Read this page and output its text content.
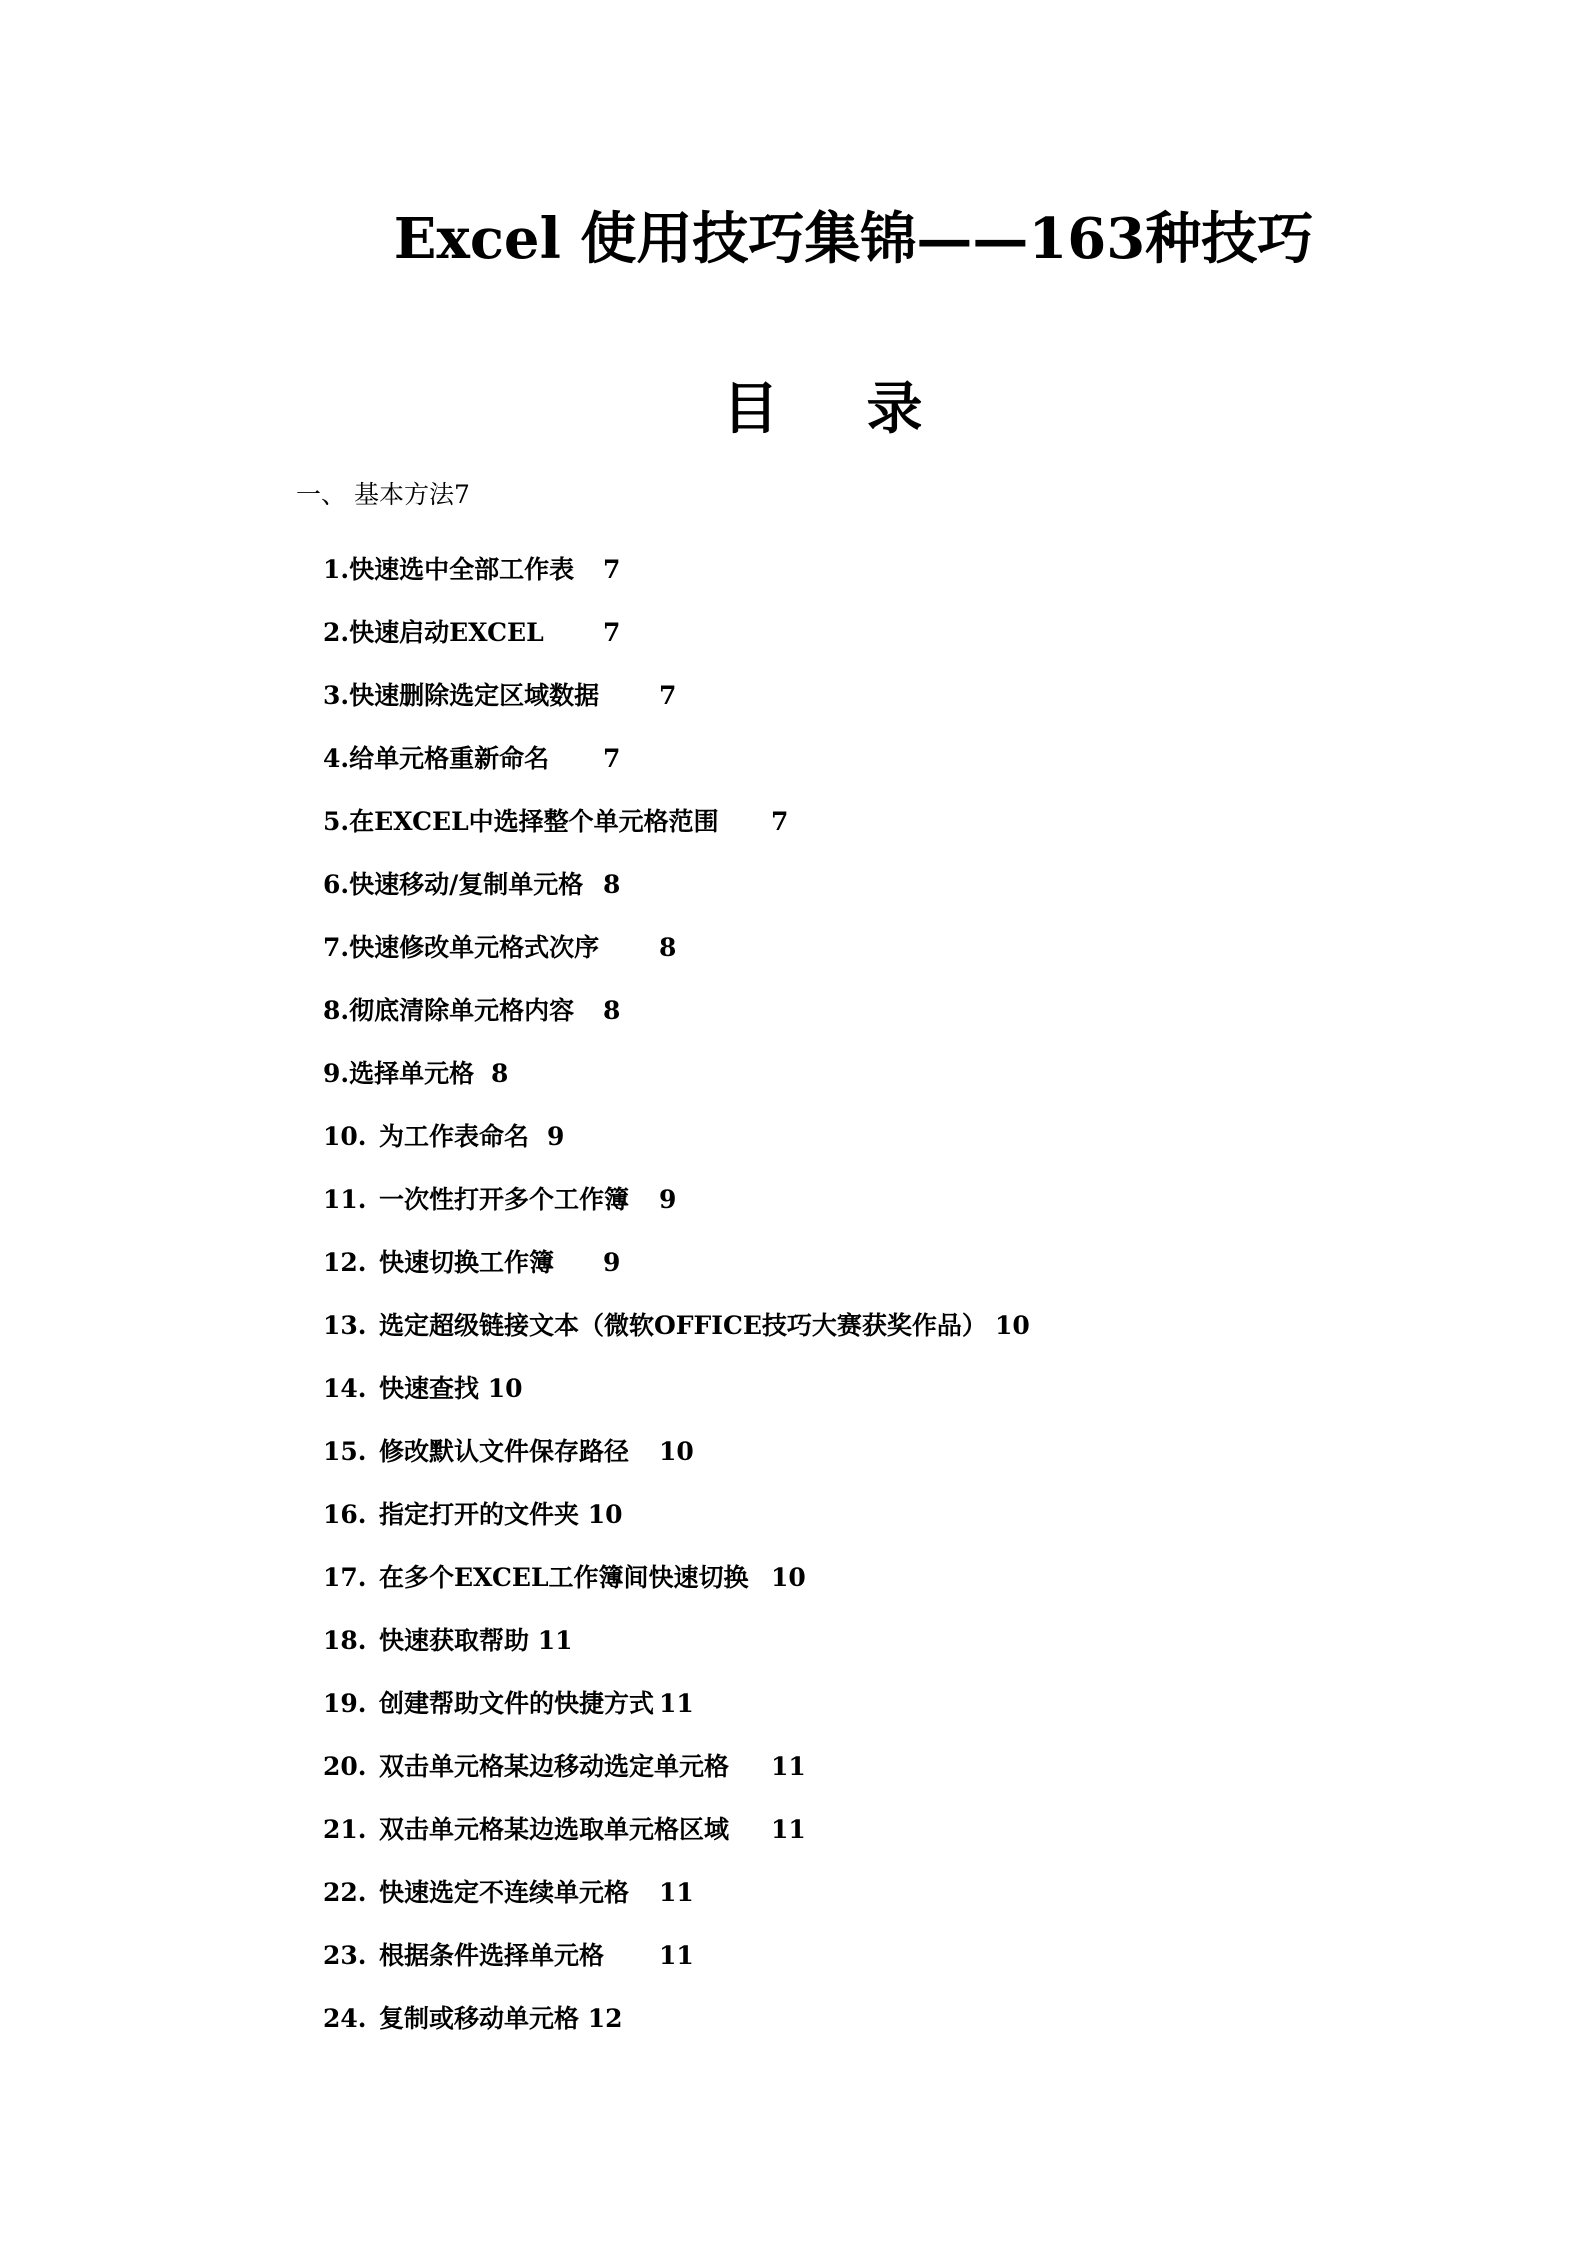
Excel 使用技巧集锦——163种技巧
目    录
一、 基本方法7
1.快速选中全部工作表	7
2.快速启动EXCEL	7
3.快速删除选定区域数据	7
4.给单元格重新命名	7
5.在EXCEL中选择整个单元格范围	7
6.快速移动/复制单元格	8
7.快速修改单元格式次序	8
8.彻底清除单元格内容	8
9.选择单元格	8
10.	为工作表命名	9
11.	一次性打开多个工作簿	9
12.	快速切换工作簿	9
13.	选定超级链接文本（微软OFFICE技巧大赛获奖作品）	10
14.	快速查找 10
15.	修改默认文件保存路径	10
16.	指定打开的文件夹 10
17.	在多个EXCEL工作簿间快速切换	10
18.	快速获取帮助 11
19.	创建帮助文件的快捷方式	11
20.	双击单元格某边移动选定单元格	11
21.	双击单元格某边选取单元格区域	11
22.	快速选定不连续单元格	11
23.	根据条件选择单元格	11
24.	复制或移动单元格 12
